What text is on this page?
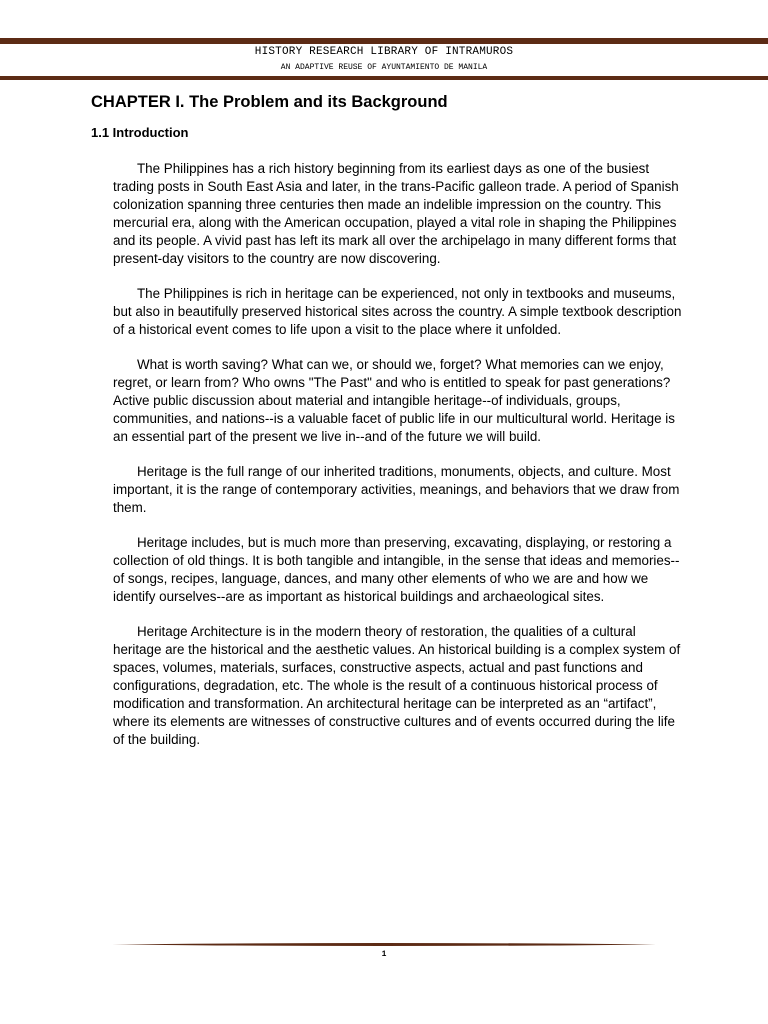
HISTORY RESEARCH LIBRARY OF INTRAMUROS
AN ADAPTIVE REUSE OF AYUNTAMIENTO DE MANILA
CHAPTER I. The Problem and its Background
1.1 Introduction

The Philippines has a rich history beginning from its earliest days as one of the busiest trading posts in South East Asia and later, in the trans-Pacific galleon trade. A period of Spanish colonization spanning three centuries then made an indelible impression on the country. This mercurial era, along with the American occupation, played a vital role in shaping the Philippines and its people. A vivid past has left its mark all over the archipelago in many different forms that present-day visitors to the country are now discovering.

The Philippines is rich in heritage can be experienced, not only in textbooks and museums, but also in beautifully preserved historical sites across the country. A simple textbook description of a historical event comes to life upon a visit to the place where it unfolded.

What is worth saving? What can we, or should we, forget? What memories can we enjoy, regret, or learn from? Who owns "The Past" and who is entitled to speak for past generations? Active public discussion about material and intangible heritage--of individuals, groups, communities, and nations--is a valuable facet of public life in our multicultural world. Heritage is an essential part of the present we live in--and of the future we will build.

Heritage is the full range of our inherited traditions, monuments, objects, and culture. Most important, it is the range of contemporary activities, meanings, and behaviors that we draw from them.

Heritage includes, but is much more than preserving, excavating, displaying, or restoring a collection of old things. It is both tangible and intangible, in the sense that ideas and memories--of songs, recipes, language, dances, and many other elements of who we are and how we identify ourselves--are as important as historical buildings and archaeological sites.

Heritage Architecture is in the modern theory of restoration, the qualities of a cultural heritage are the historical and the aesthetic values. An historical building is a complex system of spaces, volumes, materials, surfaces, constructive aspects, actual and past functions and configurations, degradation, etc. The whole is the result of a continuous historical process of modification and transformation. An architectural heritage can be interpreted as an “artifact”, where its elements are witnesses of constructive cultures and of events occurred during the life of the building.

1
